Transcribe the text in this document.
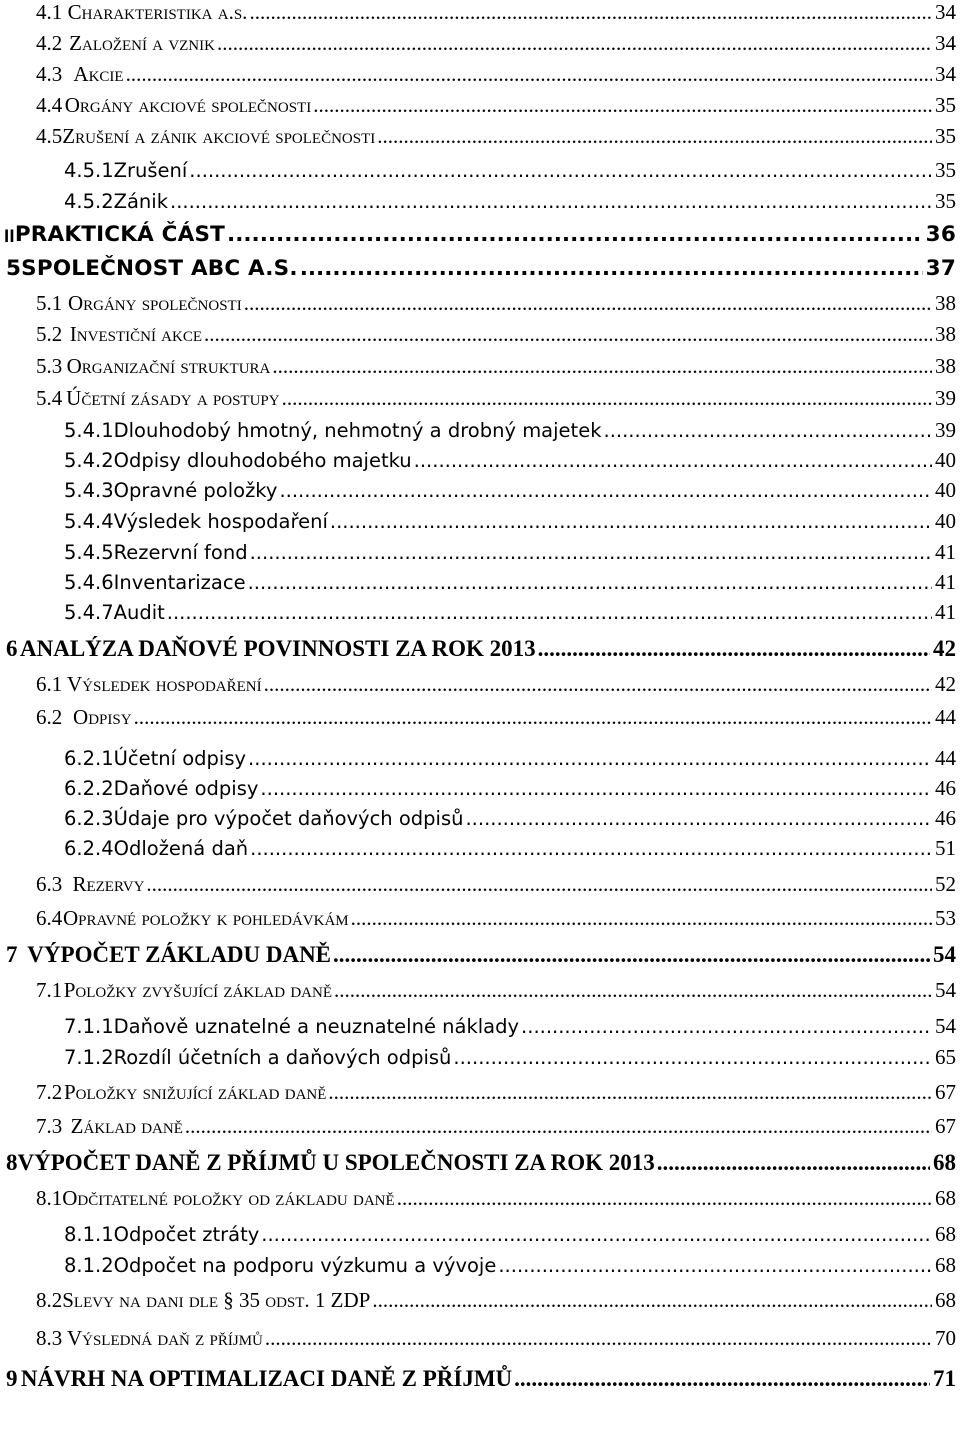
4.1 Charakteristika a.s. .....	34
4.2 Založení a vznik .....	34
4.3 Akcie .....	34
4.4 Orgány akciové společnosti .....	35
4.5 Zrušení a zánik akciové společnosti .....	35
4.5.1 Zrušení .....	35
4.5.2 Zánik .....	35
II PRAKTICKÁ ČÁST .....	36
5 SPOLEČNOST ABC A.S. .....	37
5.1 Orgány společnosti .....	38
5.2 Investiční akce .....	38
5.3 Organizační struktura .....	38
5.4 Účetní zásady a postupy .....	39
5.4.1 Dlouhodobý hmotný, nehmotný a drobný majetek .....	39
5.4.2 Odpisy dlouhodobého majetku .....	40
5.4.3 Opravné položky .....	40
5.4.4 Výsledek hospodaření .....	40
5.4.5 Rezervní fond .....	41
5.4.6 Inventarizace .....	41
5.4.7 Audit .....	41
6 ANALÝZA DAŇOVÉ POVINNOSTI ZA ROK 2013 .....	42
6.1 Výsledek hospodaření .....	42
6.2 Odpisy .....	44
6.2.1 Účetní odpisy .....	44
6.2.2 Daňové odpisy .....	46
6.2.3 Údaje pro výpočet daňových odpisů .....	46
6.2.4 Odložená daň .....	51
6.3 Rezervy .....	52
6.4 Opravné položky k pohledávkám .....	53
7 VÝPOČET ZÁKLADU DANĚ .....	54
7.1 Položky zvyšující základ daně .....	54
7.1.1 Daňově uznatelné a neuznatelné náklady .....	54
7.1.2 Rozdíl účetních a daňových odpisů .....	65
7.2 Položky snižující základ daně .....	67
7.3 Základ daně .....	67
8 VÝPOČET DANĚ Z PŘÍJMŮ U SPOLEČNOSTI ZA ROK 2013 .....	68
8.1 Odčitatelné položky od základu daně .....	68
8.1.1 Odpočet ztráty .....	68
8.1.2 Odpočet na podporu výzkumu a vývoje .....	68
8.2 Slevy na dani dle § 35 odst. 1 ZDP .....	68
8.3 Výsledná daň z příjmů .....	70
9 NÁVRH NA OPTIMALIZACI DANĚ Z PŘÍJMŮ .....	71
